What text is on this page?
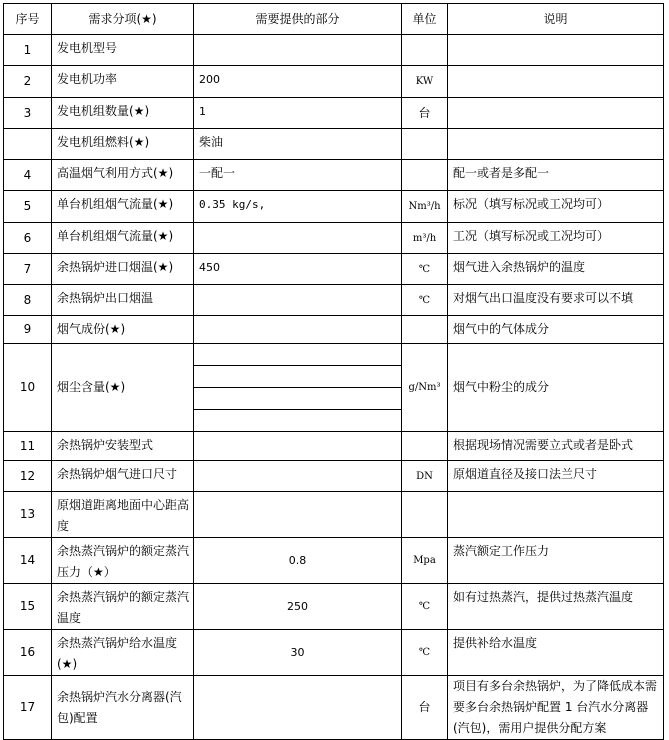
序号	需求分项(★)	需要提供的部分	单位	说明
1	发电机型号			
2	发电机功率	200	KW	
3	发电机组数量(★)	1	台	
	发电机组燃料(★)	柴油		
4	高温烟气利用方式(★)	一配一		配一或者是多配一
5	单台机组烟气流量(★)	0.35 kg/s,	Nm³/h	标况（填写标况或工况均可）
6	单台机组烟气流量(★)		m³/h	工况（填写标况或工况均可）
7	余热锅炉进口烟温(★)	450	℃	烟气进入余热锅炉的温度
8	余热锅炉出口烟温		℃	对烟气出口温度没有要求可以不填
9	烟气成份(★)			烟气中的气体成分
10	烟尘含量(★)		g/Nm³	烟气中粉尘的成分
11	余热锅炉安装型式			根据现场情况需要立式或者是卧式
12	余热锅炉烟气进口尺寸		DN	原烟道直径及接口法兰尺寸
13	原烟道距离地面中心距高度			
14	余热蒸汽锅炉的额定蒸汽压力（★）	0.8	Mpa	蒸汽额定工作压力
15	余热蒸汽锅炉的额定蒸汽温度	250	℃	如有过热蒸汽，提供过热蒸汽温度
16	余热蒸汽锅炉给水温度(★)	30	℃	提供补给水温度
17	余热锅炉汽水分离器(汽包)配置		台	项目有多台余热锅炉，为了降低成本需要多台余热锅炉配置 1 台汽水分离器(汽包)，需用户提供分配方案
